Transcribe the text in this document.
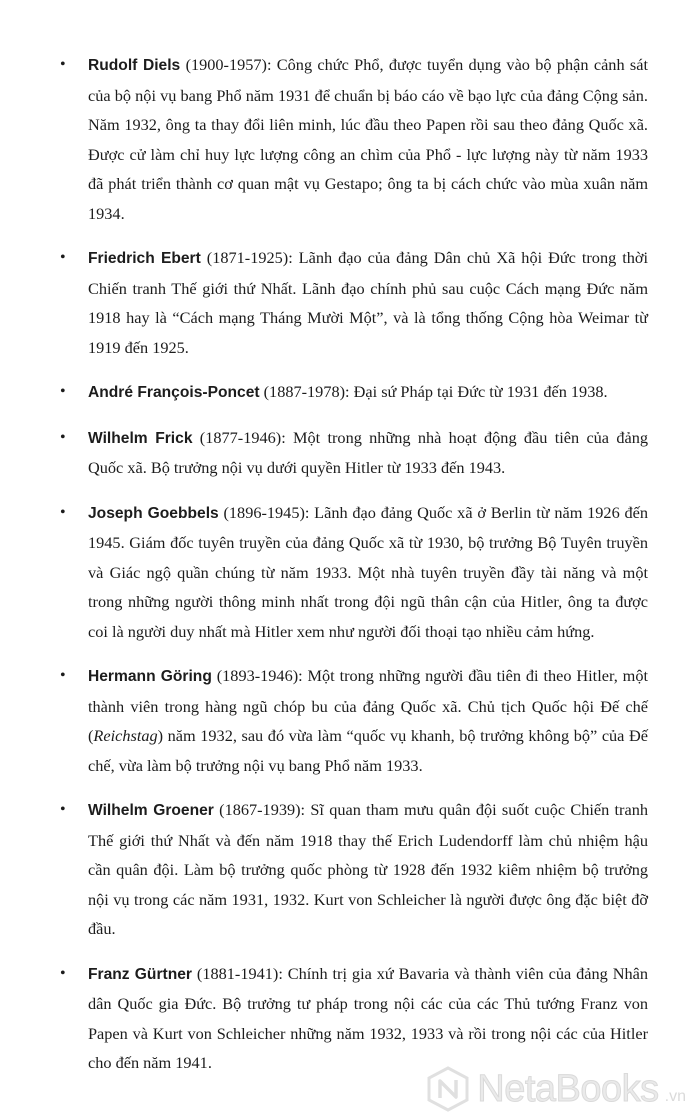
•	Rudolf Diels (1900-1957): Công chức Phổ, được tuyển dụng vào bộ phận cảnh sát của bộ nội vụ bang Phổ năm 1931 để chuẩn bị báo cáo về bạo lực của đảng Cộng sản. Năm 1932, ông ta thay đổi liên minh, lúc đầu theo Papen rồi sau theo đảng Quốc xã. Được cử làm chỉ huy lực lượng công an chìm của Phổ - lực lượng này từ năm 1933 đã phát triển thành cơ quan mật vụ Gestapo; ông ta bị cách chức vào mùa xuân năm 1934.
•	Friedrich Ebert (1871-1925): Lãnh đạo của đảng Dân chủ Xã hội Đức trong thời Chiến tranh Thế giới thứ Nhất. Lãnh đạo chính phủ sau cuộc Cách mạng Đức năm 1918 hay là “Cách mạng Tháng Mười Một”, và là tổng thống Cộng hòa Weimar từ 1919 đến 1925.
•	André François-Poncet (1887-1978): Đại sứ Pháp tại Đức từ 1931 đến 1938.
•	Wilhelm Frick (1877-1946): Một trong những nhà hoạt động đầu tiên của đảng Quốc xã. Bộ trưởng nội vụ dưới quyền Hitler từ 1933 đến 1943.
•	Joseph Goebbels (1896-1945): Lãnh đạo đảng Quốc xã ở Berlin từ năm 1926 đến 1945. Giám đốc tuyên truyền của đảng Quốc xã từ 1930, bộ trưởng Bộ Tuyên truyền và Giác ngộ quần chúng từ năm 1933. Một nhà tuyên truyền đầy tài năng và một trong những người thông minh nhất trong đội ngũ thân cận của Hitler, ông ta được coi là người duy nhất mà Hitler xem như người đối thoại tạo nhiều cảm hứng.
•	Hermann Göring (1893-1946): Một trong những người đầu tiên đi theo Hitler, một thành viên trong hàng ngũ chóp bu của đảng Quốc xã. Chủ tịch Quốc hội Đế chế (Reichstag) năm 1932, sau đó vừa làm “quốc vụ khanh, bộ trưởng không bộ” của Đế chế, vừa làm bộ trưởng nội vụ bang Phổ năm 1933.
•	Wilhelm Groener (1867-1939): Sĩ quan tham mưu quân đội suốt cuộc Chiến tranh Thế giới thứ Nhất và đến năm 1918 thay thế Erich Ludendorff làm chủ nhiệm hậu cần quân đội. Làm bộ trưởng quốc phòng từ 1928 đến 1932 kiêm nhiệm bộ trưởng nội vụ trong các năm 1931, 1932. Kurt von Schleicher là người được ông đặc biệt đỡ đầu.
•	Franz Gürtner (1881-1941): Chính trị gia xứ Bavaria và thành viên của đảng Nhân dân Quốc gia Đức. Bộ trưởng tư pháp trong nội các của các Thủ tướng Franz von Papen và Kurt von Schleicher những năm 1932, 1933 và rồi trong nội các của Hitler cho đến năm 1941.
NetaBooks .vn
